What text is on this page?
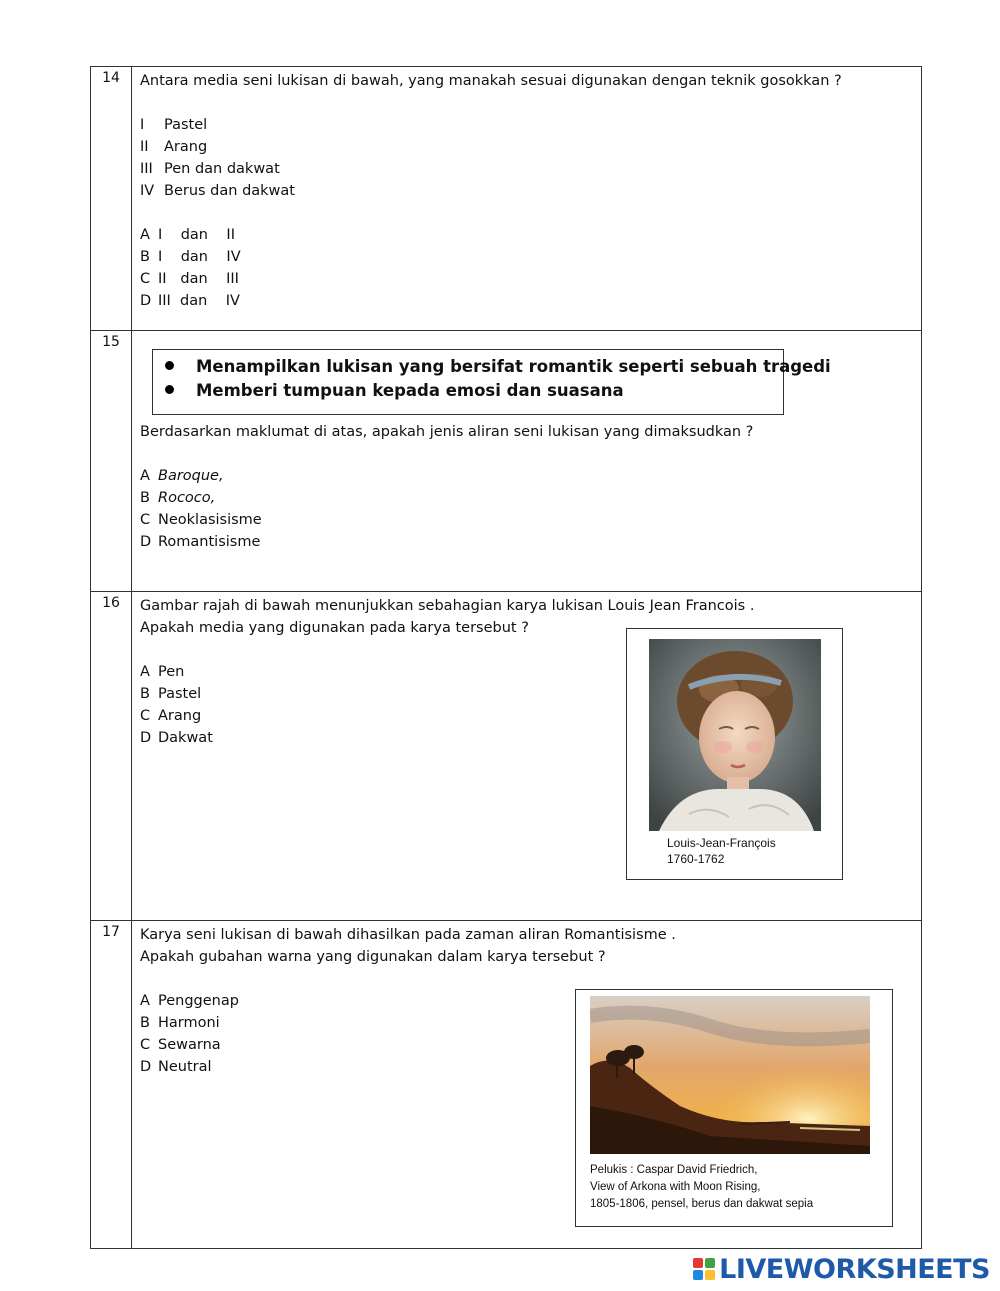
14	Antara media seni lukisan di bawah, yang manakah sesuai digunakan dengan teknik gosokkan ?
I Pastel
II Arang
III Pen dan dakwat
IV Berus dan dakwat
A I    dan    II
B I    dan    IV
C II   dan    III
D III  dan    IV
15
Menampilkan lukisan yang bersifat romantik seperti sebuah tragedi
Memberi tumpuan kepada emosi dan suasana
Berdasarkan maklumat di atas, apakah jenis aliran seni lukisan yang dimaksudkan ?
A Baroque,
B Rococo,
C Neoklasisisme
D Romantisisme
16	Gambar rajah di bawah menunjukkan sebahagian karya lukisan Louis Jean Francois .
Apakah media yang digunakan pada karya tersebut ?
A Pen
B Pastel
C Arang
D Dakwat
Louis-Jean-François
1760-1762
17	Karya seni lukisan di bawah dihasilkan pada zaman aliran Romantisisme .
Apakah gubahan warna yang digunakan dalam karya tersebut ?
A Penggenap
B Harmoni
C Sewarna
D Neutral
Pelukis : Caspar David Friedrich,
View of Arkona with Moon Rising,
1805-1806, pensel, berus dan dakwat sepia
LIVEWORKSHEETS
